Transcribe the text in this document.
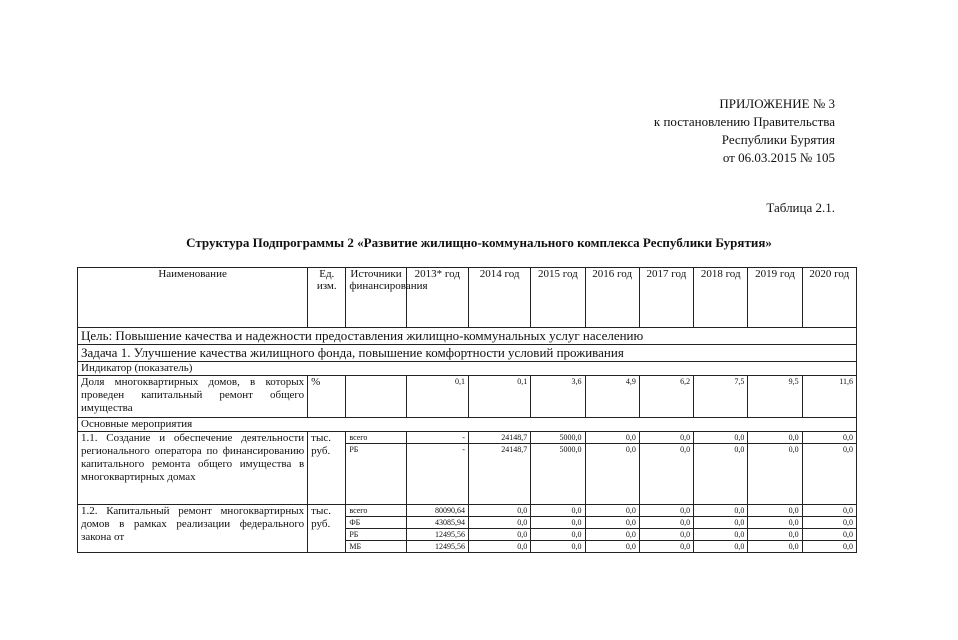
ПРИЛОЖЕНИЕ № 3
к постановлению Правительства
Республики Бурятия
от 06.03.2015 № 105
Таблица 2.1.
Структура Подпрограммы 2 «Развитие жилищно-коммунального комплекса Республики Бурятия»
Наименование	Ед. изм.	Источники финансирования	2013* год	2014 год	2015 год	2016 год	2017 год	2018 год	2019 год	2020 год
Цель: Повышение качества и надежности предоставления жилищно-коммунальных услуг населению										
Задача 1. Улучшение качества жилищного фонда, повышение комфортности условий проживания										
Индикатор (показатель)										
Доля многоквартирных домов, в которых проведен капитальный ремонт общего имущества	%		0,1	0,1	3,6	4,9	6,2	7,5	9,5	11,6
Основные мероприятия										
1.1. Создание и обеспечение деятельности регионального оператора по финансированию капитального ремонта общего имущества в многоквартирных домах	тыс. руб.	всего	-	24148,7	5000,0	0,0	0,0	0,0	0,0	0,0
		РБ	-	24148,7	5000,0	0,0	0,0	0,0	0,0	0,0
1.2. Капитальный ремонт многоквартирных домов в рамках реализации федерального закона от	тыс. руб.	всего	80090,64	0,0	0,0	0,0	0,0	0,0	0,0	0,0
		ФБ	43085,94	0,0	0,0	0,0	0,0	0,0	0,0	0,0
		РБ	12495,56	0,0	0,0	0,0	0,0	0,0	0,0	0,0
		МБ	12495,56	0,0	0,0	0,0	0,0	0,0	0,0	0,0
